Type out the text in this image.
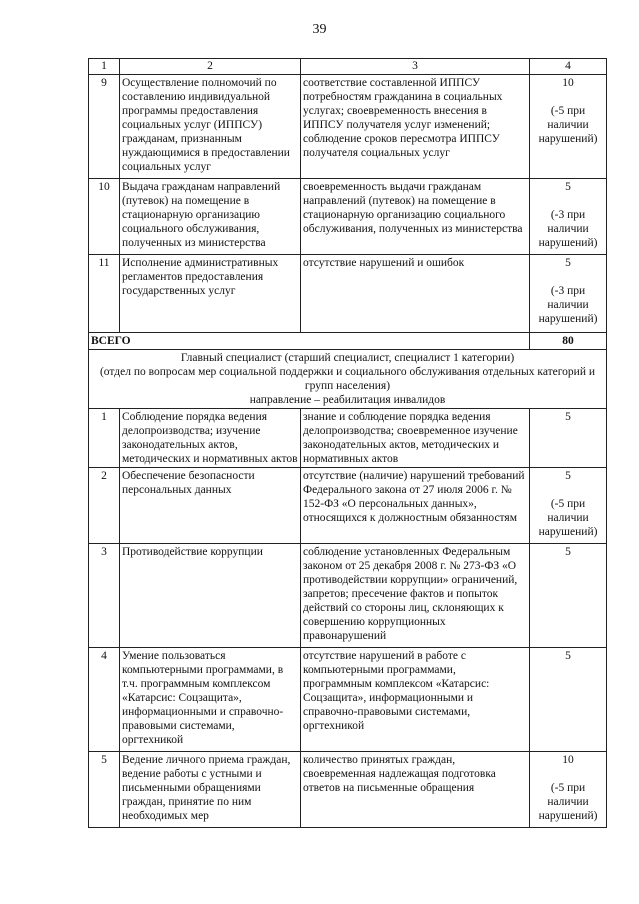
39
1	2	3	4
9	Осуществление полномочий по составлению индивидуальной программы предоставления социальных услуг (ИППСУ) гражданам, признанным нуждающимися в предоставлении социальных услуг	соответствие составленной ИППСУ потребностям гражданина в социальных услугах; своевременность внесения в ИППСУ получателя услуг изменений; соблюдение сроков пересмотра ИППСУ получателя социальных услуг	10
(-5 при наличии нарушений)

10	Выдача гражданам направлений (путевок) на помещение в стационарную организацию социального обслуживания, полученных из министерства	своевременность выдачи гражданам направлений (путевок) на помещение в стационарную организацию социального обслуживания, полученных из министерства	5
(-3 при наличии нарушений)

11	Исполнение административных регламентов предоставления государственных услуг	отсутствие нарушений и ошибок	5
(-3 при наличии нарушений)

ВСЕГО			80

Главный специалист (старший специалист, специалист 1 категории)
(отдел по вопросам мер социальной поддержки и социального обслуживания отдельных категорий и групп населения)
направление – реабилитация инвалидов			

1	Соблюдение порядка ведения делопроизводства; изучение законодательных актов, методических и нормативных актов	знание и соблюдение порядка ведения делопроизводства; своевременное изучение законодательных актов, методических и нормативных актов	5

2	Обеспечение безопасности персональных данных	отсутствие (наличие) нарушений требований Федерального закона от 27 июля 2006 г. № 152-ФЗ «О персональных данных», относящихся к должностным обязанностям	5
(-5 при наличии нарушений)

3	Противодействие коррупции	соблюдение установленных Федеральным законом от 25 декабря 2008 г. № 273-ФЗ «О противодействии коррупции» ограничений, запретов; пресечение фактов и попыток действий со стороны лиц, склоняющих к совершению коррупционных правонарушений	5

4	Умение пользоваться компьютерными программами, в т.ч. программным комплексом «Катарсис: Соцзащита», информационными и справочно-правовыми системами, оргтехникой	отсутствие нарушений в работе с компьютерными программами, программным комплексом «Катарсис: Соцзащита», информационными и справочно-правовыми системами, оргтехникой	5

5	Ведение личного приема граждан, ведение работы с устными и письменными обращениями граждан, принятие по ним необходимых мер	количество принятых граждан, своевременная надлежащая подготовка ответов на письменные обращения	10
(-5 при наличии нарушений)
